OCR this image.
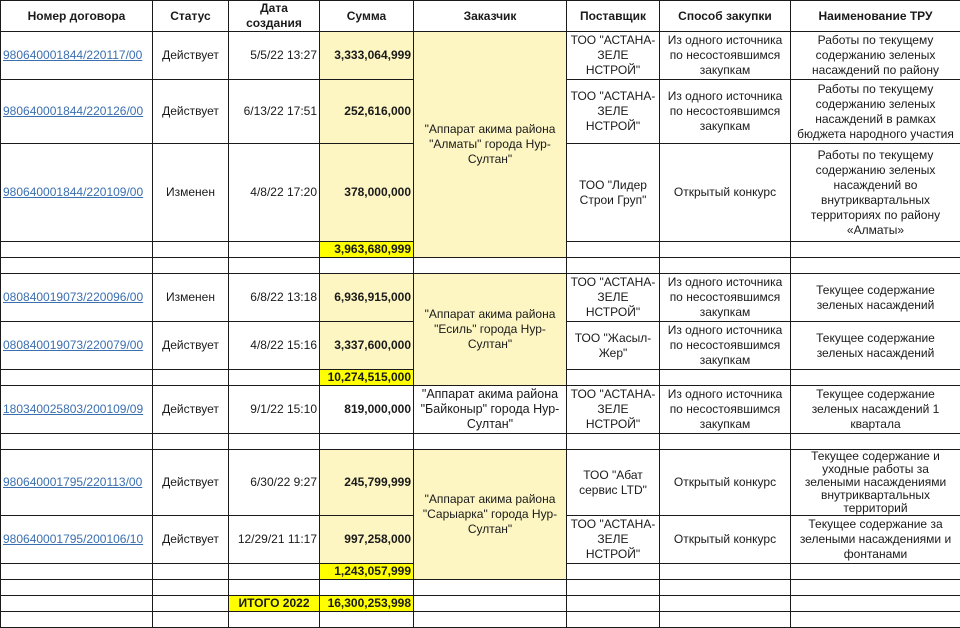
Номер договора	Статус	Дата создания	Сумма	Заказчик	Поставщик	Способ закупки	Наименование ТРУ
980640001844/220117/00	Действует	5/5/22 13:27	3,333,064,999	"Аппарат акима района "Алматы" города Нур-Султан"	ТОО "АСТАНА-ЗЕЛЕ НСТРОЙ"	Из одного источника по несостоявшимся закупкам	Работы по текущему содержанию зеленых насаждений по району
980640001844/220126/00	Действует	6/13/22 17:51	252,616,000		ТОО "АСТАНА-ЗЕЛЕ НСТРОЙ"	Из одного источника по несостоявшимся закупкам	Работы по текущему содержанию зеленых насаждений в рамках бюджета народного участия
980640001844/220109/00	Изменен	4/8/22 17:20	378,000,000		ТОО "Лидер Строи Груп"	Открытый конкурс	Работы по текущему содержанию зеленых насаждений во внутриквартальных территориях по району «Алматы»
			3,963,680,999				

080840019073/220096/00	Изменен	6/8/22 13:18	6,936,915,000	"Аппарат акима района "Есиль" города Нур-Султан"	ТОО "АСТАНА-ЗЕЛЕ НСТРОЙ"	Из одного источника по несостоявшимся закупкам	Текущее содержание зеленых насаждений
080840019073/220079/00	Действует	4/8/22 15:16	3,337,600,000		ТОО "Жасыл-Жер"	Из одного источника по несостоявшимся закупкам	Текущее содержание зеленых насаждений
			10,274,515,000				
180340025803/200109/09	Действует	9/1/22 15:10	819,000,000	"Аппарат акима района "Байконыр" города Нур-Султан"	ТОО "АСТАНА-ЗЕЛЕ НСТРОЙ"	Из одного источника по несостоявшимся закупкам	Текущее содержание зеленых насаждений 1 квартала

980640001795/220113/00	Действует	6/30/22 9:27	245,799,999	"Аппарат акима района "Сарыарка" города Нур-Султан"	ТОО "Абат сервис LTD"	Открытый конкурс	Текущее содержание и уходные работы за зелеными насаждениями внутриквартальных территорий
980640001795/200106/10	Действует	12/29/21 11:17	997,258,000		ТОО "АСТАНА-ЗЕЛЕ НСТРОЙ"	Открытый конкурс	Текущее содержание за зелеными насаждениями и фонтанами
			1,243,057,999				

		ИТОГО 2022	16,300,253,998				
